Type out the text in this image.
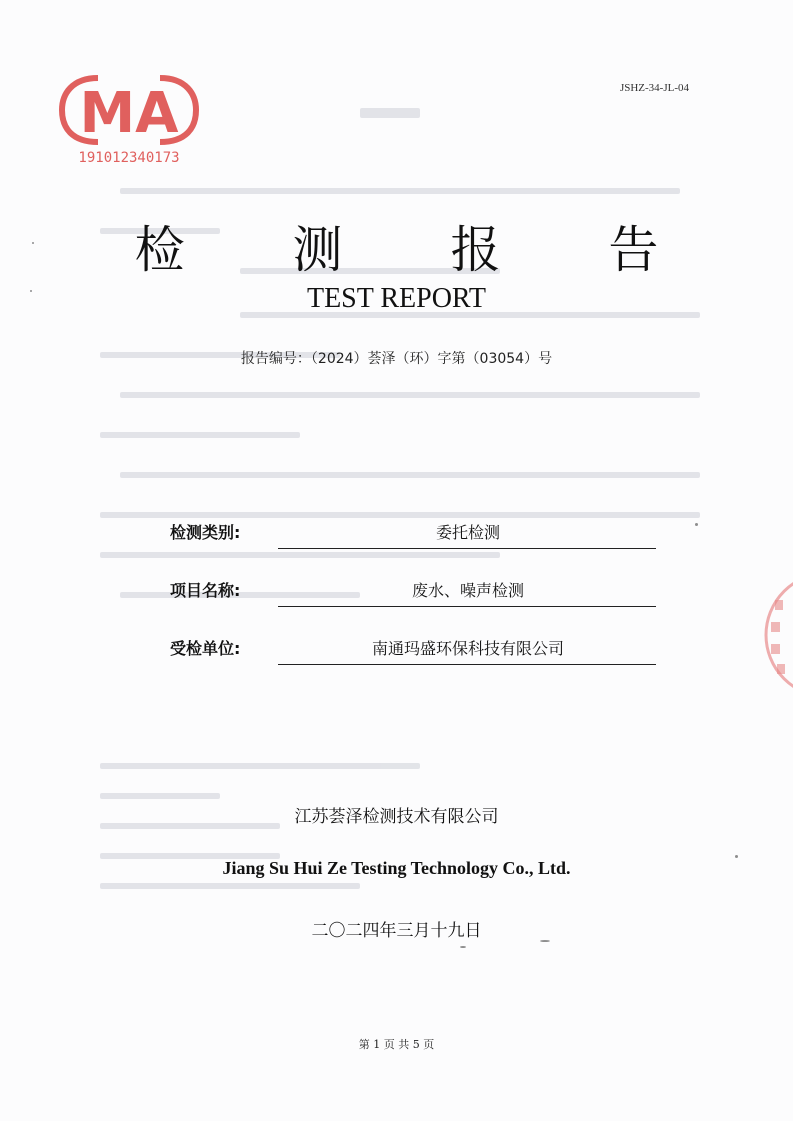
JSHZ-34-JL-04
MA
191012340173
检 测 报 告
TEST REPORT
报告编号：（2024）荟泽（环）字第（03054）号
检测类别:	委托检测
项目名称:	废水、噪声检测
受检单位:	南通玛盛环保科技有限公司
江苏荟泽检测技术有限公司
Jiang Su Hui Ze Testing Technology Co., Ltd.
二〇二四年三月十九日
第 1 页 共 5 页
